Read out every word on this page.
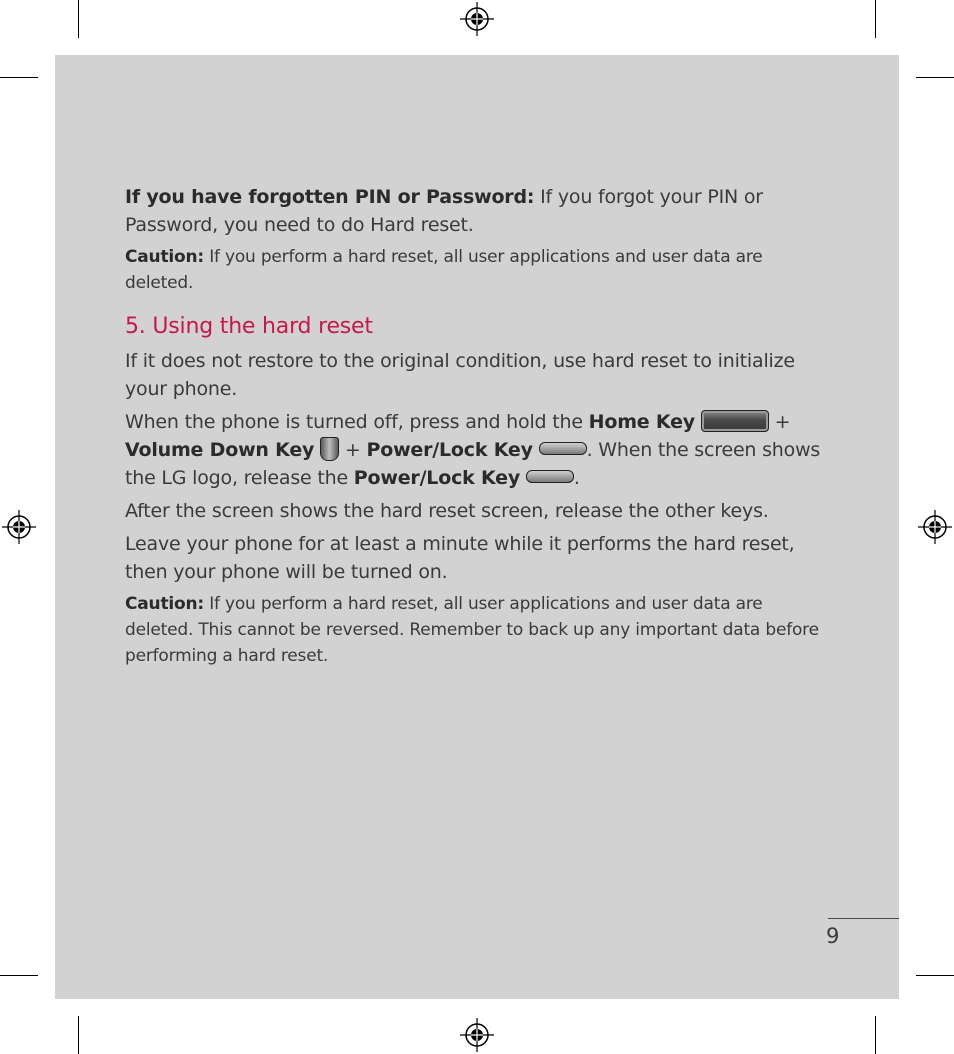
If you have forgotten PIN or Password: If you forgot your PIN or Password, you need to do Hard reset.

Caution: If you perform a hard reset, all user applications and user data are deleted.

5. Using the hard reset

If it does not restore to the original condition, use hard reset to initialize your phone.

When the phone is turned off, press and hold the Home Key	+ Volume Down Key  + Power/Lock Key	. When the screen shows the LG logo, release the Power/Lock Key	.

After the screen shows the hard reset screen, release the other keys.

Leave your phone for at least a minute while it performs the hard reset, then your phone will be turned on.

Caution: If you perform a hard reset, all user applications and user data are deleted. This cannot be reversed. Remember to back up any important data before performing a hard reset.

9
